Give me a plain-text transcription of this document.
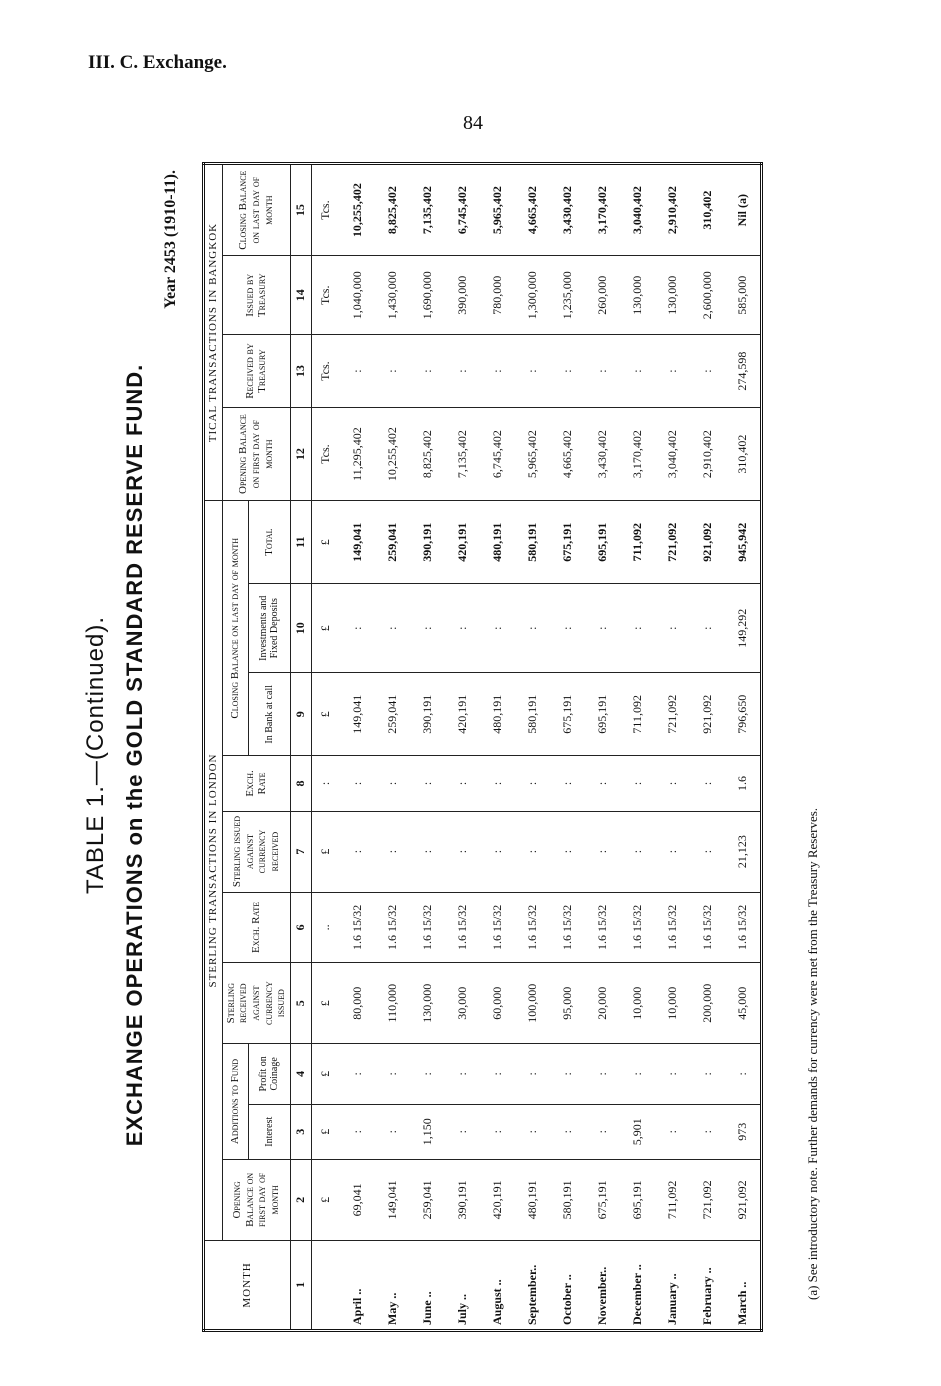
III. C. Exchange.
84
TABLE 1.—(Continued). EXCHANGE OPERATIONS on the GOLD STANDARD RESERVE FUND.
Year 2453 (1910-11).
MONTH	STERLING TRANSACTIONS IN LONDON										TICAL TRANSACTIONS IN BANGKOK			
	Opening Balance on first day of month	Additions to Fund		Sterling received against currency issued	Exch. Rate	Sterling issued against currency received	Exch. Rate	Closing Balance on last day of month			Opening Balance on first day of month	Received by Treasury	Issued by Treasury	Closing Balance on last day of month
		Interest	Profit on Coinage					In Bank at call	Investments and Fixed Deposits	Total				
1	2	3	4	5	6	7	8	9	10	11	12	13	14	15
	£	£	£	£	..	£	:	£	£	£	Tcs.	Tcs.	Tcs.	Tcs.
April ..	69,041	:	:	80,000	1.6 15/32	:	:	149,041	:	149,041	11,295,402	:	1,040,000	10,255,402
May ..	149,041	:	:	110,000	1.6 15/32	:	:	259,041	:	259,041	10,255,402	:	1,430,000	8,825,402
June ..	259,041	1,150	:	130,000	1.6 15/32	:	:	390,191	:	390,191	8,825,402	:	1,690,000	7,135,402
July ..	390,191	:	:	30,000	1.6 15/32	:	:	420,191	:	420,191	7,135,402	:	390,000	6,745,402
August ..	420,191	:	:	60,000	1.6 15/32	:	:	480,191	:	480,191	6,745,402	:	780,000	5,965,402
September..	480,191	:	:	100,000	1.6 15/32	:	:	580,191	:	580,191	5,965,402	:	1,300,000	4,665,402
October ..	580,191	:	:	95,000	1.6 15/32	:	:	675,191	:	675,191	4,665,402	:	1,235,000	3,430,402
November..	675,191	:	:	20,000	1.6 15/32	:	:	695,191	:	695,191	3,430,402	:	260,000	3,170,402
December ..	695,191	5,901	:	10,000	1.6 15/32	:	:	711,092	:	711,092	3,170,402	:	130,000	3,040,402
January ..	711,092	:	:	10,000	1.6 15/32	:	:	721,092	:	721,092	3,040,402	:	130,000	2,910,402
February ..	721,092	:	:	200,000	1.6 15/32	:	:	921,092	:	921,092	2,910,402	:	2,600,000	310,402
March ..	921,092	973	:	45,000	1.6 15/32	21,123	1.6	796,650	149,292	945,942	310,402	274,598	585,000	Nil (a)
(a) See introductory note. Further demands for currency were met from the Treasury Reserves.
